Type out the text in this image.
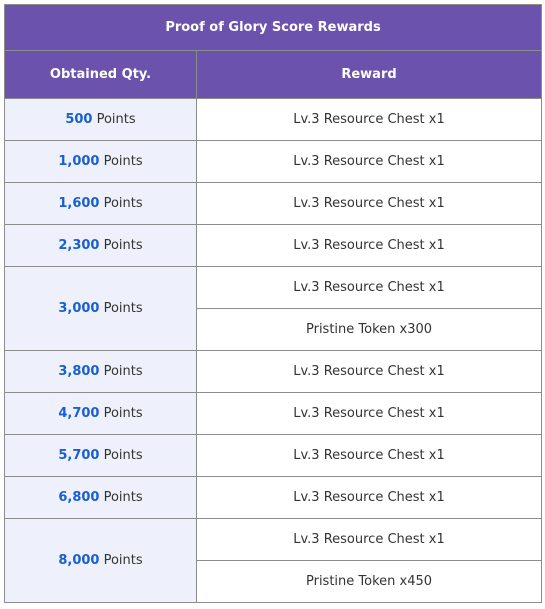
Proof of Glory Score Rewards	
Obtained Qty.	Reward
500 Points	Lv.3 Resource Chest x1
1,000 Points	Lv.3 Resource Chest x1
1,600 Points	Lv.3 Resource Chest x1
2,300 Points	Lv.3 Resource Chest x1
3,000 Points	Lv.3 Resource Chest x1
	Pristine Token x300
3,800 Points	Lv.3 Resource Chest x1
4,700 Points	Lv.3 Resource Chest x1
5,700 Points	Lv.3 Resource Chest x1
6,800 Points	Lv.3 Resource Chest x1
8,000 Points	Lv.3 Resource Chest x1
	Pristine Token x450
